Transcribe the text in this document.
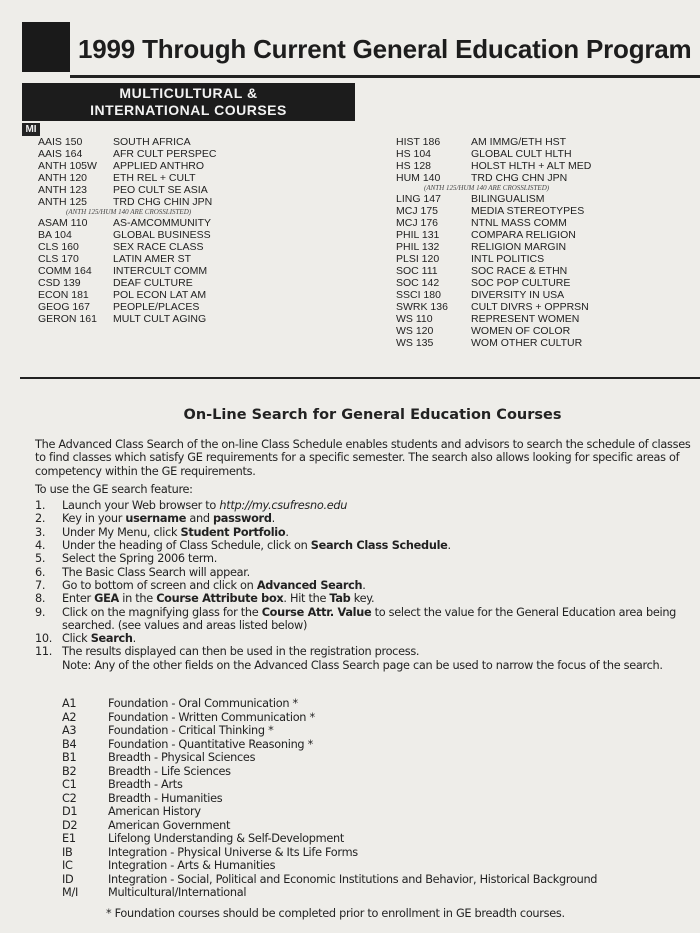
1999 Through Current General Education Program
MULTICULTURAL &
INTERNATIONAL COURSES
MI
AAIS 150	SOUTH AFRICA
AAIS 164	AFR CULT PERSPEC
ANTH 105W	APPLIED ANTHRO
ANTH 120	ETH REL + CULT
ANTH 123	PEO CULT SE ASIA
ANTH 125	TRD CHG CHIN JPN
(ANTH 125/HUM 140 ARE CROSSLISTED)
ASAM 110	AS-AMCOMMUNITY
BA 104	GLOBAL BUSINESS
CLS 160	SEX RACE CLASS
CLS 170	LATIN AMER ST
COMM 164	INTERCULT COMM
CSD 139	DEAF CULTURE
ECON 181	POL ECON LAT AM
GEOG 167	PEOPLE/PLACES
GERON 161	MULT CULT AGING
HIST 186	AM IMMG/ETH HST
HS 104	GLOBAL CULT HLTH
HS 128	HOLST HLTH + ALT MED
HUM 140	TRD CHG CHN JPN
(ANTH 125/HUM 140 ARE CROSSLISTED)
LING 147	BILINGUALISM
MCJ 175	MEDIA STEREOTYPES
MCJ 176	NTNL MASS COMM
PHIL 131	COMPARA RELIGION
PHIL 132	RELIGION MARGIN
PLSI 120	INTL POLITICS
SOC 111	SOC RACE & ETHN
SOC 142	SOC POP CULTURE
SSCI 180	DIVERSITY IN USA
SWRK 136	CULT DIVRS + OPPRSN
WS 110	REPRESENT WOMEN
WS 120	WOMEN OF COLOR
WS 135	WOM OTHER CULTUR
On-Line Search for General Education Courses

The Advanced Class Search of the on-line Class Schedule enables students and advisors to search the schedule of classes to find classes which satisfy GE requirements for a specific semester. The search also allows looking for specific areas of competency within the GE requirements.

To use the GE search feature:

1.	Launch your Web browser to http://my.csufresno.edu
2.	Key in your username and password.
3.	Under My Menu, click Student Portfolio.
4.	Under the heading of Class Schedule, click on Search Class Schedule.
5.	Select the Spring 2006 term.
6.	The Basic Class Search will appear.
7.	Go to bottom of screen and click on Advanced Search.
8.	Enter GEA in the Course Attribute box. Hit the Tab key.
9.	Click on the magnifying glass for the Course Attr. Value to select the value for the General Education area being searched. (see values and areas listed below)
10. Click Search.
11. The results displayed can then be used in the registration process.
Note: Any of the other fields on the Advanced Class Search page can be used to narrow the focus of the search.
A1	Foundation - Oral Communication *
A2	Foundation - Written Communication *
A3	Foundation - Critical Thinking *
B4	Foundation - Quantitative Reasoning *
B1	Breadth - Physical Sciences
B2	Breadth - Life Sciences
C1	Breadth - Arts
C2	Breadth - Humanities
D1	American History
D2	American Government
E1	Lifelong Understanding & Self-Development
IB	Integration - Physical Universe & Its Life Forms
IC	Integration - Arts & Humanities
ID	Integration - Social, Political and Economic Institutions and Behavior, Historical Background
M/I	Multicultural/International
* Foundation courses should be completed prior to enrollment in GE breadth courses.
